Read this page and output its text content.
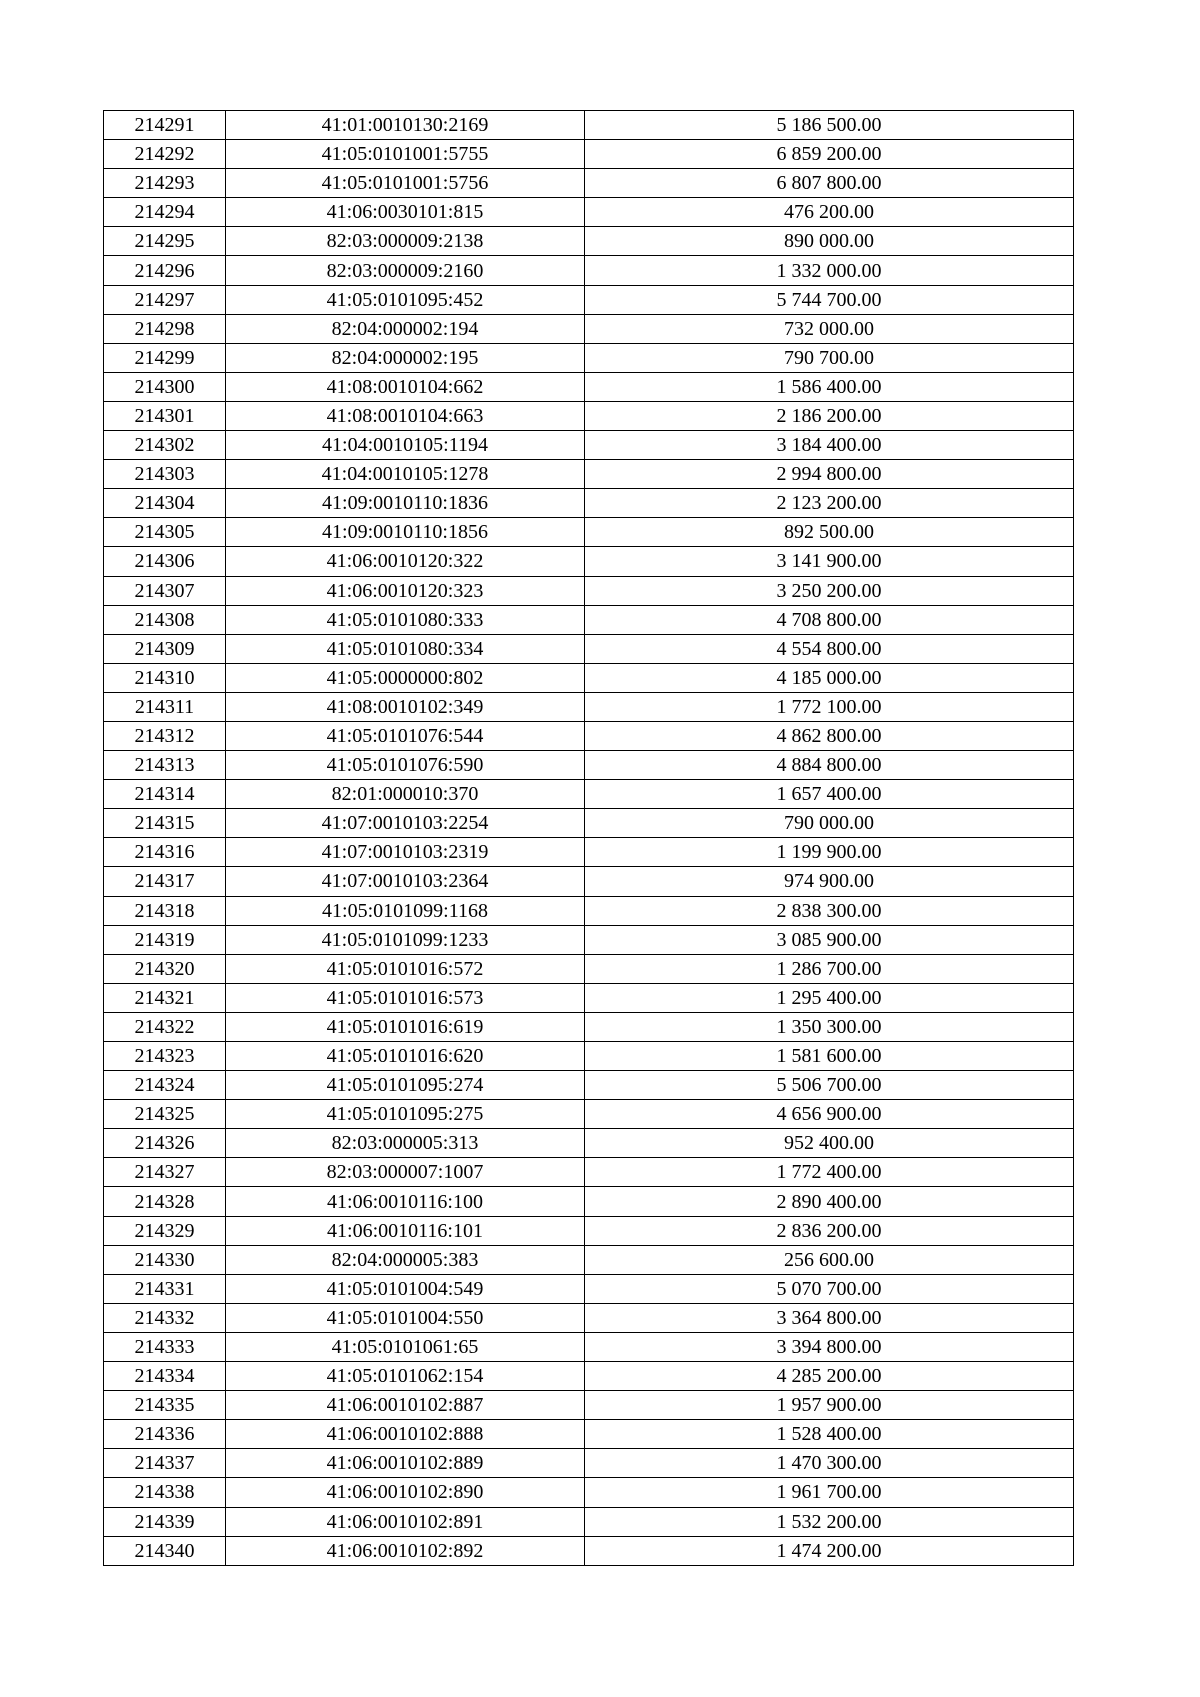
214291	41:01:0010130:2169	5 186 500.00
214292	41:05:0101001:5755	6 859 200.00
214293	41:05:0101001:5756	6 807 800.00
214294	41:06:0030101:815	476 200.00
214295	82:03:000009:2138	890 000.00
214296	82:03:000009:2160	1 332 000.00
214297	41:05:0101095:452	5 744 700.00
214298	82:04:000002:194	732 000.00
214299	82:04:000002:195	790 700.00
214300	41:08:0010104:662	1 586 400.00
214301	41:08:0010104:663	2 186 200.00
214302	41:04:0010105:1194	3 184 400.00
214303	41:04:0010105:1278	2 994 800.00
214304	41:09:0010110:1836	2 123 200.00
214305	41:09:0010110:1856	892 500.00
214306	41:06:0010120:322	3 141 900.00
214307	41:06:0010120:323	3 250 200.00
214308	41:05:0101080:333	4 708 800.00
214309	41:05:0101080:334	4 554 800.00
214310	41:05:0000000:802	4 185 000.00
214311	41:08:0010102:349	1 772 100.00
214312	41:05:0101076:544	4 862 800.00
214313	41:05:0101076:590	4 884 800.00
214314	82:01:000010:370	1 657 400.00
214315	41:07:0010103:2254	790 000.00
214316	41:07:0010103:2319	1 199 900.00
214317	41:07:0010103:2364	974 900.00
214318	41:05:0101099:1168	2 838 300.00
214319	41:05:0101099:1233	3 085 900.00
214320	41:05:0101016:572	1 286 700.00
214321	41:05:0101016:573	1 295 400.00
214322	41:05:0101016:619	1 350 300.00
214323	41:05:0101016:620	1 581 600.00
214324	41:05:0101095:274	5 506 700.00
214325	41:05:0101095:275	4 656 900.00
214326	82:03:000005:313	952 400.00
214327	82:03:000007:1007	1 772 400.00
214328	41:06:0010116:100	2 890 400.00
214329	41:06:0010116:101	2 836 200.00
214330	82:04:000005:383	256 600.00
214331	41:05:0101004:549	5 070 700.00
214332	41:05:0101004:550	3 364 800.00
214333	41:05:0101061:65	3 394 800.00
214334	41:05:0101062:154	4 285 200.00
214335	41:06:0010102:887	1 957 900.00
214336	41:06:0010102:888	1 528 400.00
214337	41:06:0010102:889	1 470 300.00
214338	41:06:0010102:890	1 961 700.00
214339	41:06:0010102:891	1 532 200.00
214340	41:06:0010102:892	1 474 200.00
